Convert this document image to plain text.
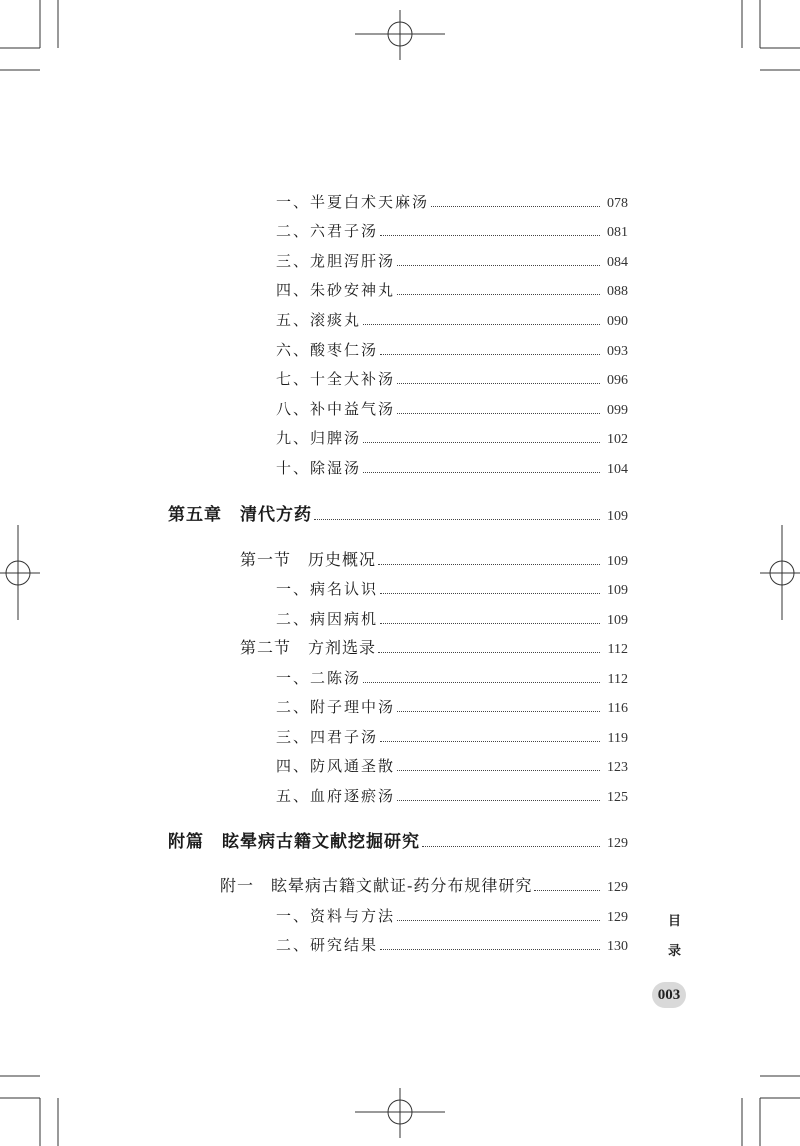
一、半夏白术天麻汤	078
二、六君子汤	081
三、龙胆泻肝汤	084
四、朱砂安神丸	088
五、滚痰丸	090
六、酸枣仁汤	093
七、十全大补汤	096
八、补中益气汤	099
九、归脾汤	102
十、除湿汤	104
第五章　清代方药	109
第一节　历史概况	109
一、病名认识	109
二、病因病机	109
第二节　方剂选录	112
一、二陈汤	112
二、附子理中汤	116
三、四君子汤	119
四、防风通圣散	123
五、血府逐瘀汤	125
附篇　眩晕病古籍文献挖掘研究	129
附一　眩晕病古籍文献证-药分布规律研究	129
一、资料与方法	129
二、研究结果	130
目
录
003
